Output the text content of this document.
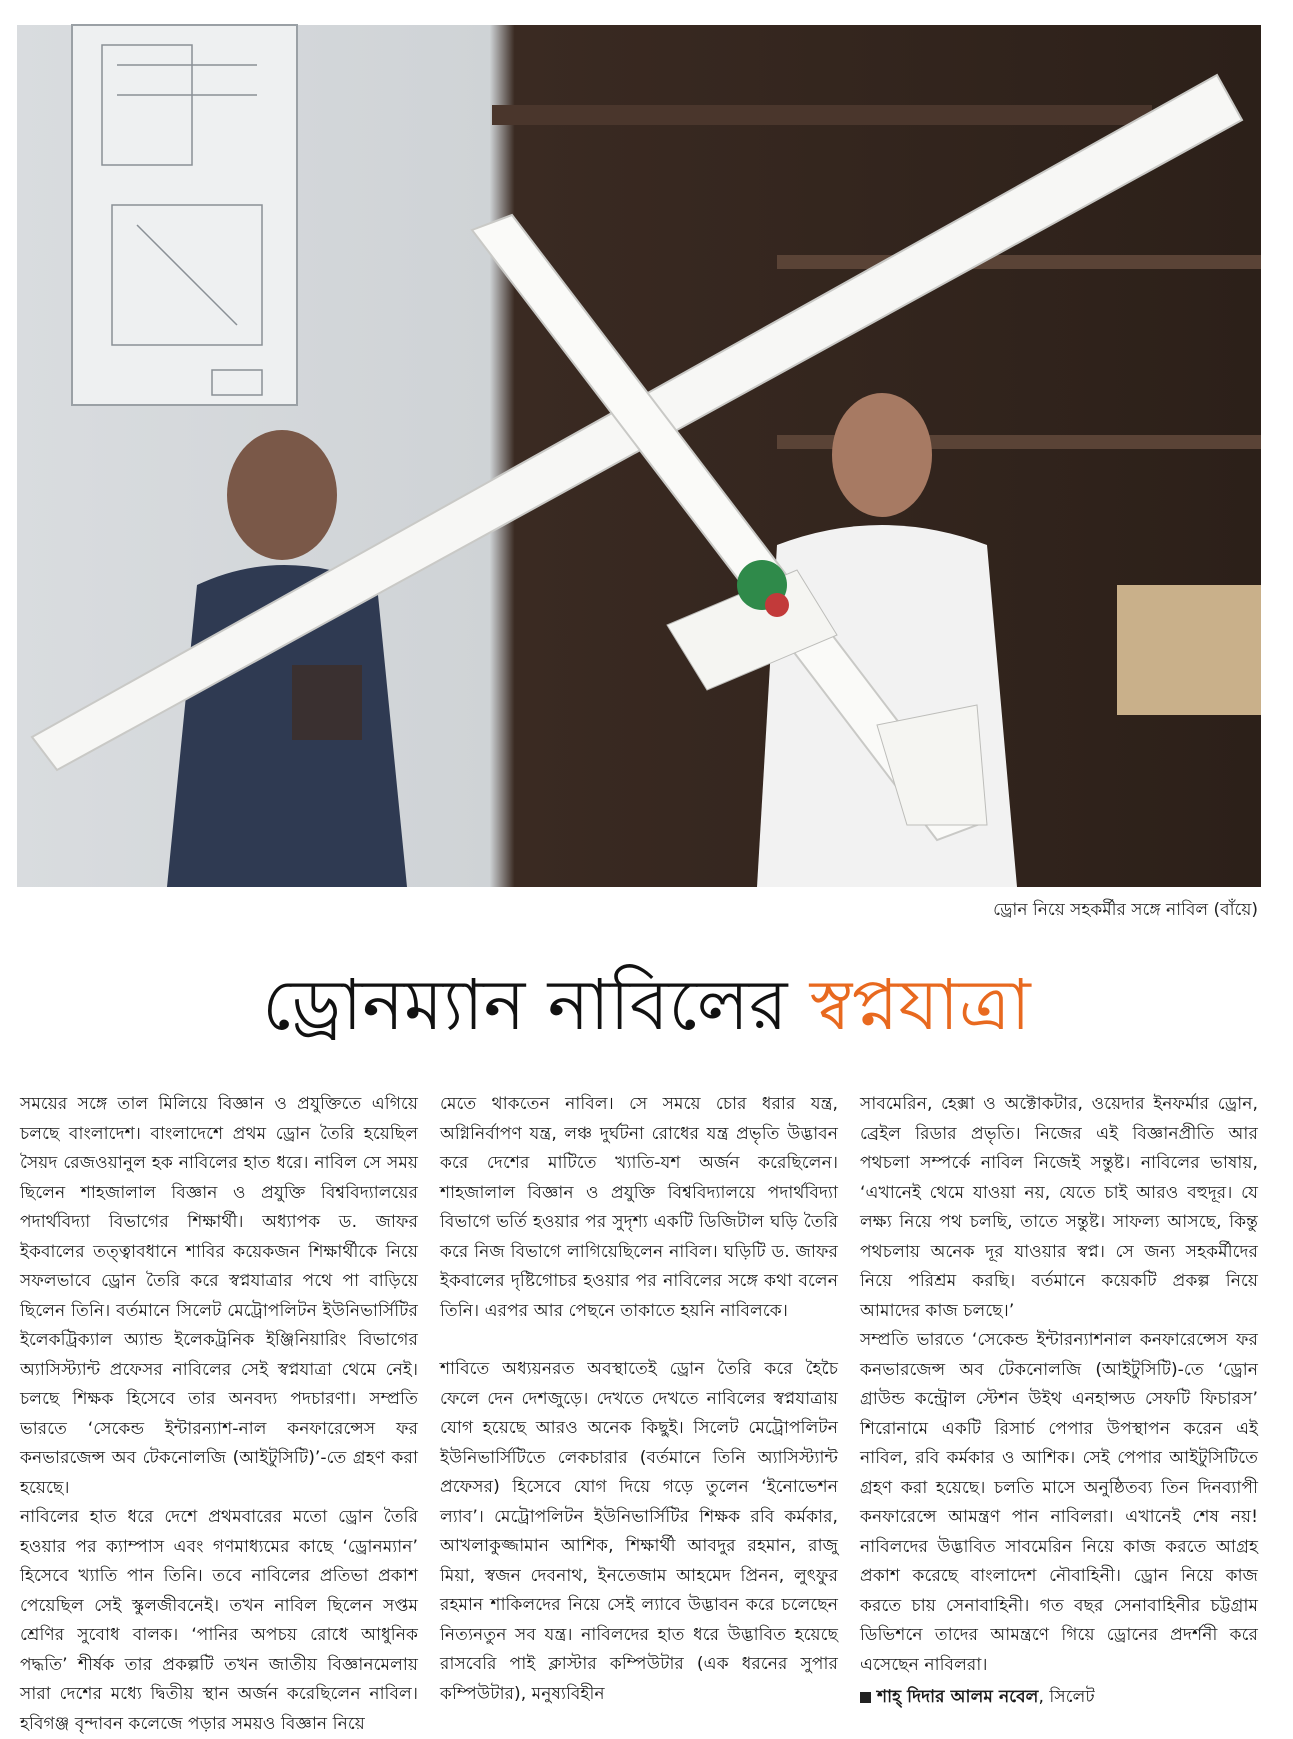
ড্রোন নিয়ে সহকর্মীর সঙ্গে নাবিল (বাঁয়ে)
ড্রোনম্যান নাবিলের স্বপ্নযাত্রা

সময়ের সঙ্গে তাল মিলিয়ে বিজ্ঞান ও প্রযুক্তিতে এগিয়ে চলছে বাংলাদেশ। বাংলাদেশে প্রথম ড্রোন তৈরি হয়েছিল সৈয়দ রেজওয়ানুল হক নাবিলের হাত ধরে। নাবিল সে সময় ছিলেন শাহজালাল বিজ্ঞান ও প্রযুক্তি বিশ্ববিদ্যালয়ের পদার্থবিদ্যা বিভাগের শিক্ষার্থী। অধ্যাপক ড. জাফর ইকবালের তত্ত্বাবধানে শাবির কয়েকজন শিক্ষার্থীকে নিয়ে সফলভাবে ড্রোন তৈরি করে স্বপ্নযাত্রার পথে পা বাড়িয়ে ছিলেন তিনি। বর্তমানে সিলেট মেট্রোপলিটন ইউনিভার্সিটির ইলেকট্রিক্যাল অ্যান্ড ইলেকট্রনিক ইঞ্জিনিয়ারিং বিভাগের অ্যাসিস্ট্যান্ট প্রফেসর নাবিলের সেই স্বপ্নযাত্রা থেমে নেই। চলছে শিক্ষক হিসেবে তার অনবদ্য পদচারণা। সম্প্রতি ভারতে ‘সেকেন্ড ইন্টারন্যাশ-নাল কনফারেন্সেস ফর কনভারজেন্স অব টেকনোলজি (আইটুসিটি)’-তে গ্রহণ করা হয়েছে।

নাবিলের হাত ধরে দেশে প্রথমবারের মতো ড্রোন তৈরি হওয়ার পর ক্যাম্পাস এবং গণমাধ্যমের কাছে ‘ড্রোনম্যান’ হিসেবে খ্যাতি পান তিনি। তবে নাবিলের প্রতিভা প্রকাশ পেয়েছিল সেই স্কুলজীবনেই। তখন নাবিল ছিলেন সপ্তম শ্রেণির সুবোধ বালক। ‘পানির অপচয় রোধে আধুনিক পদ্ধতি’ শীর্ষক তার প্রকল্পটি তখন জাতীয় বিজ্ঞানমেলায় সারা দেশের মধ্যে দ্বিতীয় স্থান অর্জন করেছিলেন নাবিল। হবিগঞ্জ বৃন্দাবন কলেজে পড়ার সময়ও বিজ্ঞান নিয়ে

মেতে থাকতেন নাবিল। সে সময়ে চোর ধরার যন্ত্র, অগ্নিনির্বাপণ যন্ত্র, লঞ্চ দুর্ঘটনা রোধের যন্ত্র প্রভৃতি উদ্ভাবন করে দেশের মাটিতে খ্যাতি-যশ অর্জন করেছিলেন। শাহজালাল বিজ্ঞান ও প্রযুক্তি বিশ্ববিদ্যালয়ে পদার্থবিদ্যা বিভাগে ভর্তি হওয়ার পর সুদৃশ্য একটি ডিজিটাল ঘড়ি তৈরি করে নিজ বিভাগে লাগিয়েছিলেন নাবিল। ঘড়িটি ড. জাফর ইকবালের দৃষ্টিগোচর হওয়ার পর নাবিলের সঙ্গে কথা বলেন তিনি। এরপর আর পেছনে তাকাতে হয়নি নাবিলকে।

শাবিতে অধ্যয়নরত অবস্থাতেই ড্রোন তৈরি করে হৈচৈ ফেলে দেন দেশজুড়ে। দেখতে দেখতে নাবিলের স্বপ্নযাত্রায় যোগ হয়েছে আরও অনেক কিছুই। সিলেট মেট্রোপলিটন ইউনিভার্সিটিতে লেকচারার (বর্তমানে তিনি অ্যাসিস্ট্যান্ট প্রফেসর) হিসেবে যোগ দিয়ে গড়ে তুলেন ‘ইনোভেশন ল্যাব’। মেট্রোপলিটন ইউনিভার্সিটির শিক্ষক রবি কর্মকার, আখলাকুজ্জামান আশিক, শিক্ষার্থী আবদুর রহমান, রাজু মিয়া, স্বজন দেবনাথ, ইনতেজাম আহমেদ প্রিনন, লুৎফুর রহমান শাকিলদের নিয়ে সেই ল্যাবে উদ্ভাবন করে চলেছেন নিত্যনতুন সব যন্ত্র। নাবিলদের হাত ধরে উদ্ভাবিত হয়েছে রাসবেরি পাই ক্লাস্টার কম্পিউটার (এক ধরনের সুপার কম্পিউটার), মনুষ্যবিহীন

সাবমেরিন, হেক্সা ও অক্টোকটার, ওয়েদার ইনফর্মার ড্রোন, ব্রেইল রিডার প্রভৃতি। নিজের এই বিজ্ঞানপ্রীতি আর পথচলা সম্পর্কে নাবিল নিজেই সন্তুষ্ট। নাবিলের ভাষায়, ‘এখানেই থেমে যাওয়া নয়, যেতে চাই আরও বহুদূর। যে লক্ষ্য নিয়ে পথ চলছি, তাতে সন্তুষ্ট। সাফল্য আসছে, কিন্তু পথচলায় অনেক দূর যাওয়ার স্বপ্ন। সে জন্য সহকর্মীদের নিয়ে পরিশ্রম করছি। বর্তমানে কয়েকটি প্রকল্প নিয়ে আমাদের কাজ চলছে।’

সম্প্রতি ভারতে ‘সেকেন্ড ইন্টারন্যাশনাল কনফারেন্সেস ফর কনভারজেন্স অব টেকনোলজি (আইটুসিটি)-তে ‘ড্রোন গ্রাউন্ড কন্ট্রোল স্টেশন উইথ এনহান্সড সেফটি ফিচারস’ শিরোনামে একটি রিসার্চ পেপার উপস্থাপন করেন এই নাবিল, রবি কর্মকার ও আশিক। সেই পেপার আইটুসিটিতে গ্রহণ করা হয়েছে। চলতি মাসে অনুষ্ঠিতব্য তিন দিনব্যাপী কনফারেন্সে আমন্ত্রণ পান নাবিলরা। এখানেই শেষ নয়! নাবিলদের উদ্ভাবিত সাবমেরিন নিয়ে কাজ করতে আগ্রহ প্রকাশ করেছে বাংলাদেশ নৌবাহিনী। ড্রোন নিয়ে কাজ করতে চায় সেনাবাহিনী। গত বছর সেনাবাহিনীর চট্টগ্রাম ডিভিশনে তাদের আমন্ত্রণে গিয়ে ড্রোনের প্রদর্শনী করে এসেছেন নাবিলরা।

শাহ্ দিদার আলম নবেল, সিলেট
